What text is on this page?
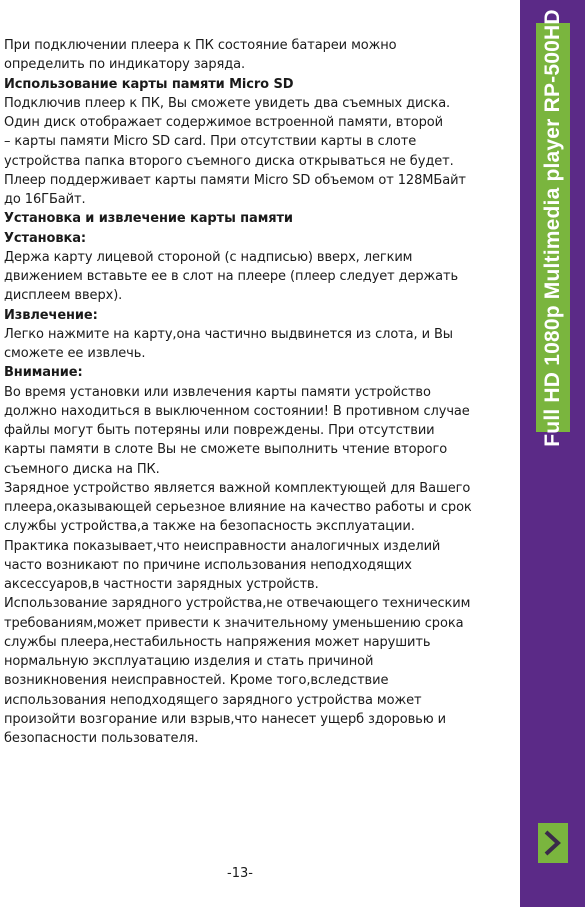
При подключении плеера к ПК состояние батареи можно

определить по индикатору заряда.

Использование карты памяти Micro SD

Подключив плеер к ПК, Вы сможете увидеть два съемных диска.

Один диск отображает содержимое встроенной памяти, второй

– карты памяти Micro SD card. При отсутствии карты в слоте

устройства папка второго съемного диска открываться не будет.

Плеер поддерживает карты памяти Micro SD объемом от 128МБайт

до 16ГБайт.

Установка и извлечение карты памяти

Установка:

Держа карту лицевой стороной (с надписью) вверх, легким

движением вставьте ее в слот на плеере (плеер следует держать

дисплеем вверх).

Извлечение:

Легко нажмите на карту,она частично выдвинется из слота, и Вы

сможете ее извлечь.

Внимание:

Во время установки или извлечения карты памяти устройство

должно находиться в выключенном состоянии! В противном случае

файлы могут быть потеряны или повреждены. При отсутствии

карты памяти в слоте Вы не сможете выполнить чтение второго

съемного диска на ПК.

Зарядное устройство является важной комплектующей для Вашего

плеера,оказывающей серьезное влияние на качество работы и срок

службы устройства,а также на безопасность эксплуатации.

Практика показывает,что неисправности аналогичных изделий

часто возникают по причине использования неподходящих

аксессуаров,в частности зарядных устройств.

Использование зарядного устройства,не отвечающего техническим

требованиям,может привести к значительному уменьшению срока

службы плеера,нестабильность напряжения может нарушить

нормальную эксплуатацию изделия и стать причиной

возникновения неисправностей. Кроме того,вследствие

использования неподходящего зарядного устройства может

произойти возгорание или взрыв,что нанесет ущерб здоровью и

безопасности пользователя.

-13-
Full HD 1080p Multimedia player RP-500HD
